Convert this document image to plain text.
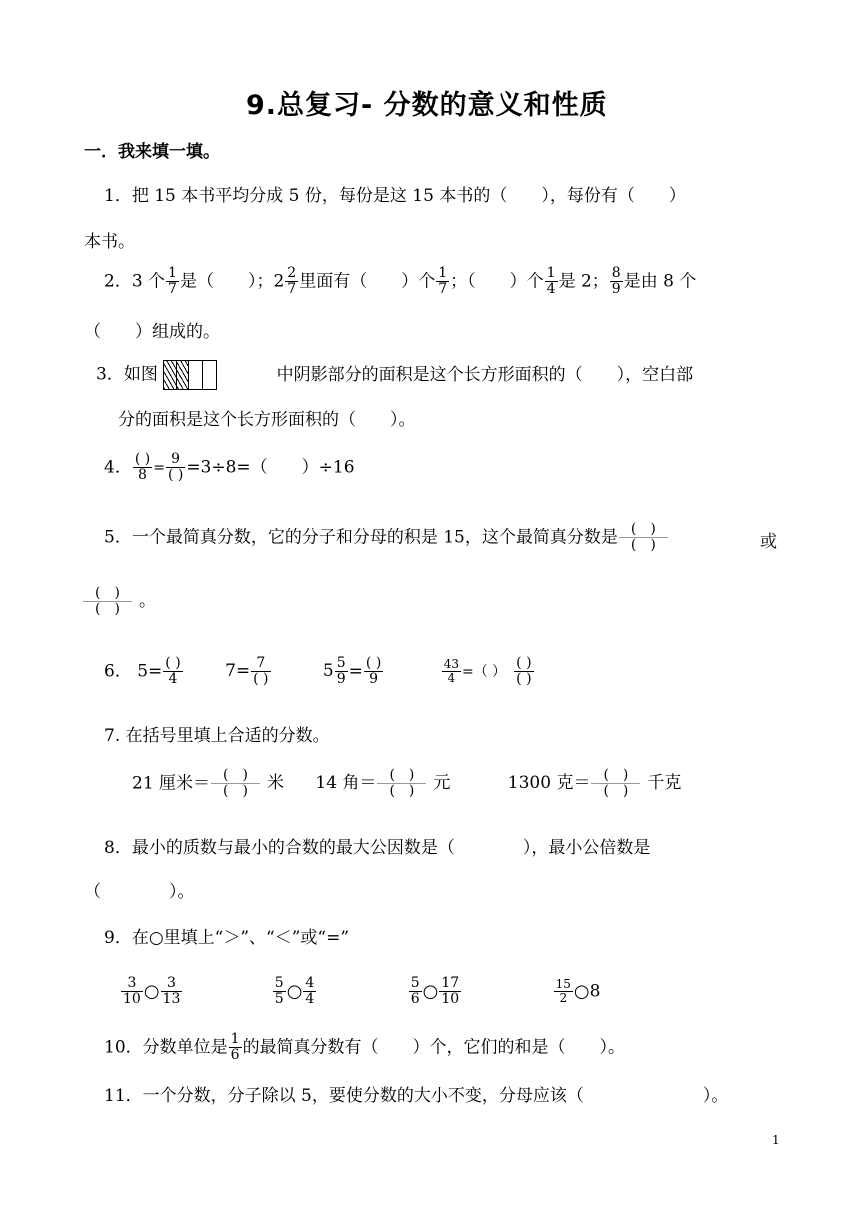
9.总复习- 分数的意义和性质
一．我来填一填。
1．把 15 本书平均分成 5 份，每份是这 15 本书的（　　），每份有（　　）
本书。
2．3 个 $\frac{1}{7}$ 是（　　）；$2 \frac{2}{7}$ 里面有（　　）个 $\frac{1}{7}$ ；（　　）个 $\frac{1}{4}$ 是 2； $\frac{8}{9}$ 是由 8 个
（　　）组成的。
3．如图	中阴影部分的面积是这个长方形面积的（　　），空白部
分的面积是这个长方形面积的（　　）。
4． ( )
8 =
9
( ) =3÷8=（　　）÷16
5．一个最简真分数，它的分子和分母的积是 15，这个最简真分数是 (　)
(　)	或
(　)
(　)	。
6． 5= ( )
4	7= 7
( )	$5 \frac{5}{9}$ = ( )
9
	$\frac{43}{4}$ =（ ）
( )
( )
7. 在括号里填上合适的分数。
21 厘米＝ (　)
(　)	米 14 角＝ (　)
(　)	元	1300 克＝ (　)
(　)	千克
8．最小的质数与最小的合数的最大公因数是（　　　　），最小公倍数是
（　　　　）。
9．在○里填上“＞”、“＜”或“=”
$\frac{3}{10}$ ○ $\frac{3}{13}$
	$\frac{5}{5}$ ○ $\frac{4}{4}$
	$\frac{5}{6}$ ○ $\frac{17}{10}$
	$\frac{15}{2}$ ○8
10．分数单位是 $\frac{1}{6}$ 的最简真分数有（　　）个，它们的和是（　　）。
11．一个分数，分子除以 5，要使分数的大小不变，分母应该（　　　　　　　）。
1
